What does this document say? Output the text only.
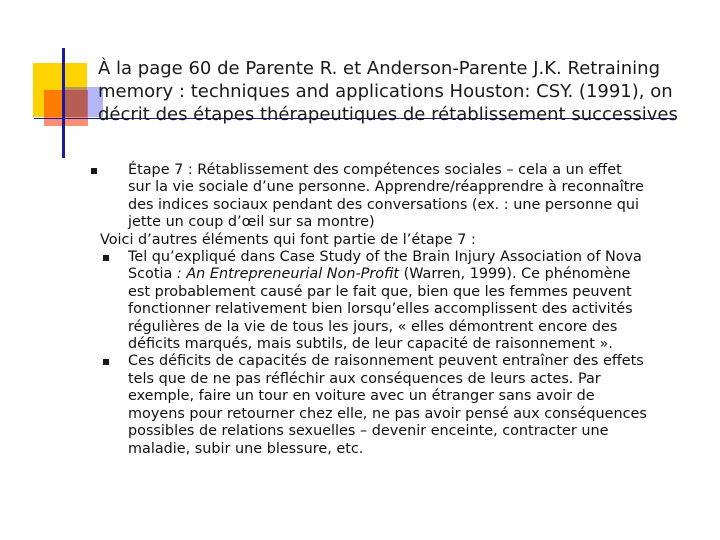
À la page 60 de Parente R. et Anderson-Parente J.K. Retraining
memory : techniques and applications Houston: CSY. (1991), on
décrit des étapes thérapeutiques de rétablissement successives
Étape 7 : Rétablissement des compétences sociales – cela a un effet
sur la vie sociale d’une personne. Apprendre/réapprendre à reconnaître
des indices sociaux pendant des conversations (ex. : une personne qui
jette un coup d’œil sur sa montre)
Voici d’autres éléments qui font partie de l’étape 7 :
Tel qu’expliqué dans Case Study of the Brain Injury Association of Nova
Scotia : An Entrepreneurial Non-Profit (Warren, 1999). Ce phénomène
est probablement causé par le fait que, bien que les femmes peuvent
fonctionner relativement bien lorsqu’elles accomplissent des activités
régulières de la vie de tous les jours, « elles démontrent encore des
déficits marqués, mais subtils, de leur capacité de raisonnement ».
Ces déficits de capacités de raisonnement peuvent entraîner des effets
tels que de ne pas réfléchir aux conséquences de leurs actes. Par
exemple, faire un tour en voiture avec un étranger sans avoir de
moyens pour retourner chez elle, ne pas avoir pensé aux conséquences
possibles de relations sexuelles – devenir enceinte, contracter une
maladie, subir une blessure, etc.
